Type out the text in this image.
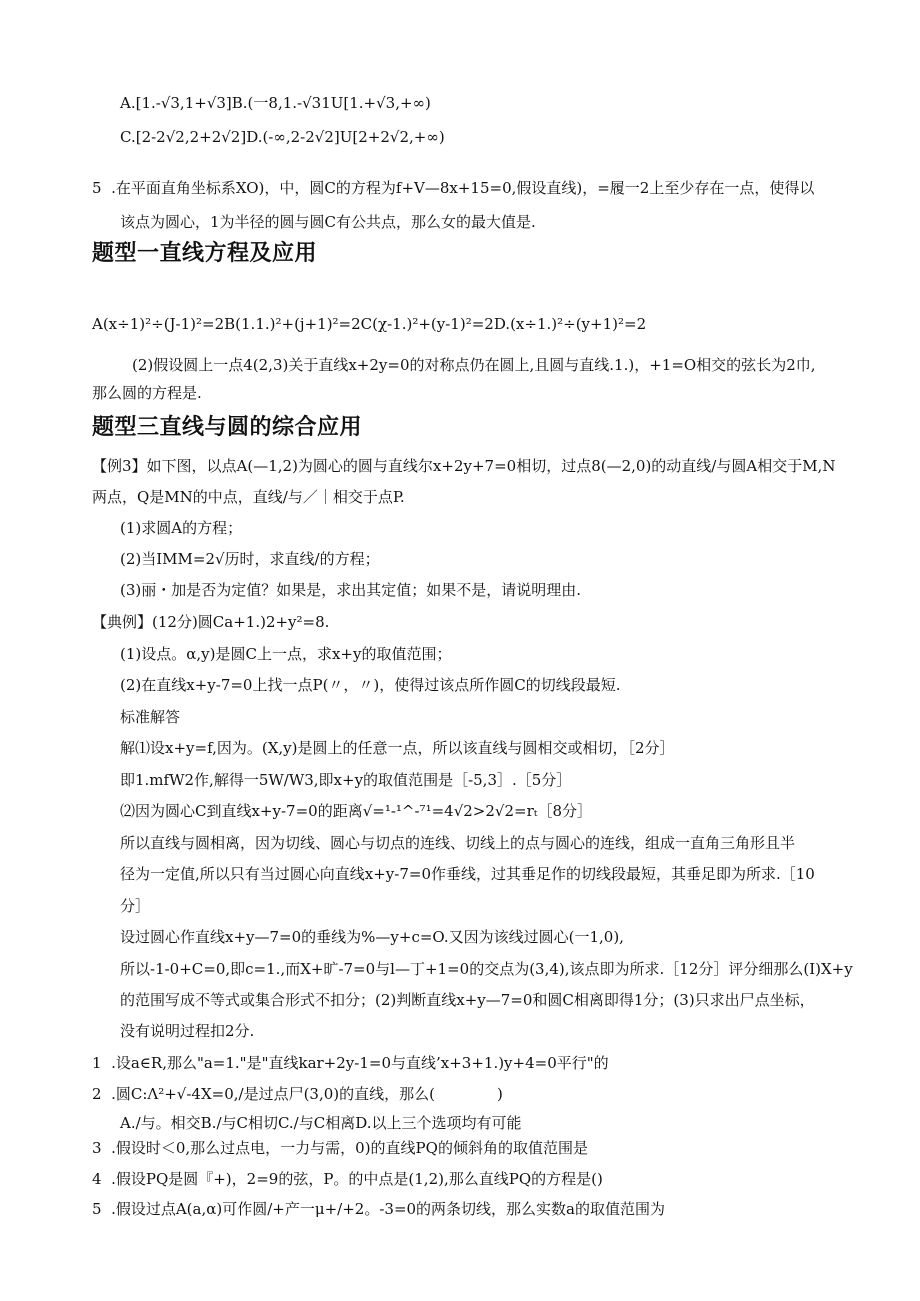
A.[1.-√3,1+√3]B.(一8,1.-√31U[1.+√3,+∞)
C.[2-2√2,2+2√2]D.(-∞,2-2√2]U[2+2√2,+∞)
5  .在平面直角坐标系XO)，中，圆C的方程为f+V—8x+15=0,假设直线)，=履一2上至少存在一点，使得以
该点为圆心，1为半径的圆与圆C有公共点，那么女的最大值是.
题型一直线方程及应用
A(x÷1)²÷(J-1)²=2B(1.1.)²+(j+1)²=2C(χ-1.)²+(y-1)²=2D.(x÷1.)²÷(y+1)²=2
(2)假设圆上一点4(2,3)关于直线x+2y=0的对称点仍在圆上,且圆与直线.1.)，+1=O相交的弦长为2巾,
那么圆的方程是.
题型三直线与圆的综合应用
【例3】如下图，以点A(—1,2)为圆心的圆与直线尔x+2y+7=0相切，过点8(—2,0)的动直线/与圆A相交于M,N
两点，Q是MN的中点，直线/与／｜相交于点P.
(1)求圆A的方程；
(2)当IMM=2√历时，求直线/的方程；
(3)丽・加是否为定值？如果是，求出其定值；如果不是，请说明理由.
【典例】(12分)圆Ca+1.)2+y²=8.
(1)设点。α,y)是圆C上一点，求x+y的取值范围；
(2)在直线x+y-7=0上找一点P(〃，〃)，使得过该点所作圆C的切线段最短.
标准解答
解⑴设x+y=f,因为。(X,y)是圆上的任意一点，所以该直线与圆相交或相切，［2分］
即1.mfW2作,解得一5W/W3,即x+y的取值范围是［-5,3］.［5分］
⑵因为圆心C到直线x+y-7=0的距离√=¹-¹^-⁷¹=4√2>2√2=rₜ［8分］
所以直线与圆相离，因为切线、圆心与切点的连线、切线上的点与圆心的连线，组成一直角三角形且半
径为一定值,所以只有当过圆心向直线x+y-7=0作垂线，过其垂足作的切线段最短，其垂足即为所求.［10
分］
设过圆心作直线x+y—7=0的垂线为%—y+c=O.又因为该线过圆心(一1,0),
所以-1-0+C=0,即c=1.,而X+旷-7=0与l—丁+1=0的交点为(3,4),该点即为所求.［12分］评分细那么(I)X+y
的范围写成不等式或集合形式不扣分；(2)判断直线x+y—7=0和圆C相离即得1分；(3)只求出尸点坐标，
没有说明过程扣2分.
1  .设a∈R,那么"a=1."是"直线kar+2y-1=0与直线’x+3+1.)y+4=0平行"的
2  .圆C:Λ²+√-4X=0,/是过点尸(3,0)的直线，那么(             )
A./与。相交B./与C相切C./与C相离D.以上三个选项均有可能
3  .假设时＜0,那么过点电，一力与需，0)的直线PQ的倾斜角的取值范围是
4  .假设PQ是圆『+)，2=9的弦，P。的中点是(1,2),那么直线PQ的方程是()
5  .假设过点A(a,α)可作圆/+产一μ+/+2。-3=0的两条切线，那么实数a的取值范围为
